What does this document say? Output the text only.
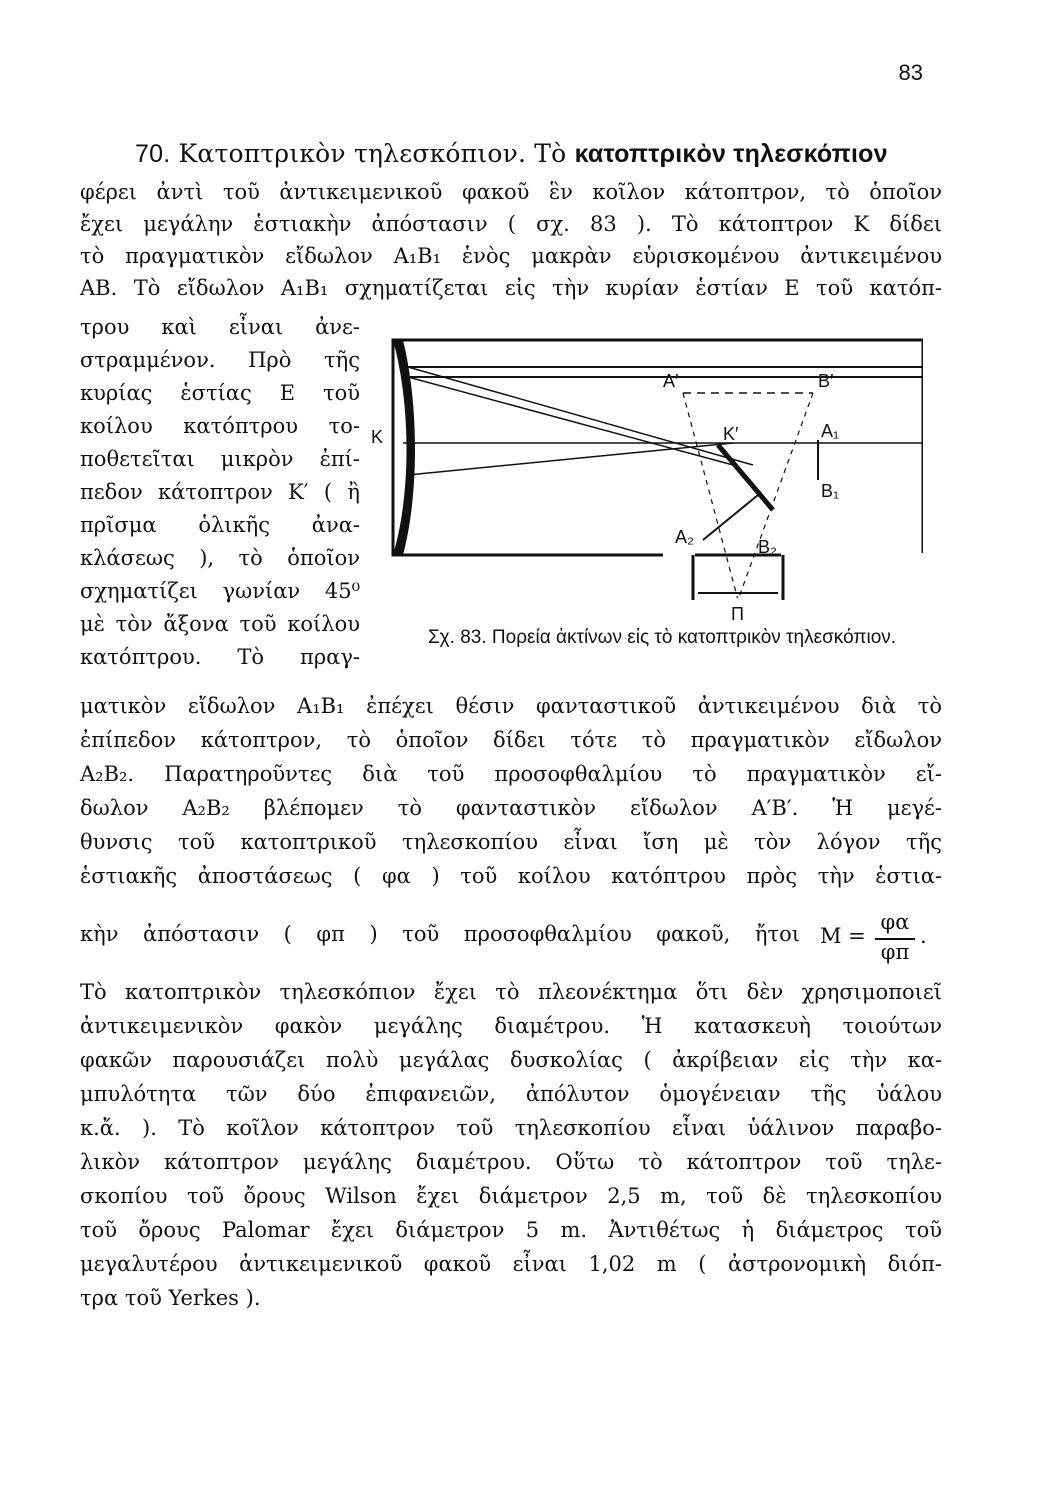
83
70. Κατοπτρικὸν τηλεσκόπιον. Τὸ κατοπτρικὸν τηλεσκόπιον
φέρει ἀντὶ τοῦ ἀντικειμενικοῦ φακοῦ ἓν κοῖλον κάτοπτρον, τὸ ὁποῖον
ἔχει μεγάλην ἑστιακὴν ἀπόστασιν ( σχ. 83 ). Τὸ κάτοπτρον Κ δίδει
τὸ πραγματικὸν εἴδωλον Α₁Β₁ ἑνὸς μακρὰν εὑρισκομένου ἀντικειμένου
ΑΒ. Τὸ εἴδωλον Α₁Β₁ σχηματίζεται εἰς τὴν κυρίαν ἑστίαν Ε τοῦ κατόπ-
τρου καὶ εἶναι ἀνε-
στραμμένον. Πρὸ τῆς
κυρίας ἑστίας Ε τοῦ
κοίλου κατόπτρου το-
ποθετεῖται μικρὸν ἐπί-
πεδον κάτοπτρον Κ′ ( ἢ
πρῖσμα ὁλικῆς ἀνα-
κλάσεως ), τὸ ὁποῖον
σχηματίζει γωνίαν 45⁰
μὲ τὸν ἄξονα τοῦ κοίλου
κατόπτρου. Τὸ πραγ-
Κ	Κ′
Α′	Β′
Α₁
Β₁
Α₂	Β₂
Π
Σχ. 83. Πορεία ἀκτίνων εἰς τὸ κατοπτρικὸν τηλεσκόπιον.
ματικὸν εἴδωλον Α₁Β₁ ἐπέχει θέσιν φανταστικοῦ ἀντικειμένου διὰ τὸ
ἐπίπεδον κάτοπτρον, τὸ ὁποῖον δίδει τότε τὸ πραγματικὸν εἴδωλον
Α₂Β₂. Παρατηροῦντες διὰ τοῦ προσοφθαλμίου τὸ πραγματικὸν εἴ-
δωλον Α₂Β₂ βλέπομεν τὸ φανταστικὸν εἴδωλον Α′Β′. Ἡ μεγέ-
θυνσις τοῦ κατοπτρικοῦ τηλεσκοπίου εἶναι ἴση μὲ τὸν λόγον τῆς
ἑστιακῆς ἀποστάσεως ( φα ) τοῦ κοίλου κατόπτρου πρὸς τὴν ἑστια-
κὴν ἀπόστασιν ( φπ ) τοῦ προσοφθαλμίου φακοῦ, ἤτοι Μ =
φα
φπ
.
Τὸ κατοπτρικὸν τηλεσκόπιον ἔχει τὸ πλεονέκτημα ὅτι δὲν χρησιμοποιεῖ
ἀντικειμενικὸν φακὸν μεγάλης διαμέτρου. Ἡ κατασκευὴ τοιούτων
φακῶν παρουσιάζει πολὺ μεγάλας δυσκολίας ( ἀκρίβειαν εἰς τὴν κα-
μπυλότητα τῶν δύο ἐπιφανειῶν, ἀπόλυτον ὁμογένειαν τῆς ὑάλου
κ.ἄ. ). Τὸ κοῖλον κάτοπτρον τοῦ τηλεσκοπίου εἶναι ὑάλινον παραβο-
λικὸν κάτοπτρον μεγάλης διαμέτρου. Οὕτω τὸ κάτοπτρον τοῦ τηλε-
σκοπίου τοῦ ὄρους Wilson ἔχει διάμετρον 2,5 m, τοῦ δὲ τηλεσκοπίου
τοῦ ὄρους Palomar ἔχει διάμετρον 5 m. Ἀντιθέτως ἡ διάμετρος τοῦ
μεγαλυτέρου ἀντικειμενικοῦ φακοῦ εἶναι 1,02 m ( ἀστρονομικὴ διόπ-
τρα τοῦ Yerkes ).
